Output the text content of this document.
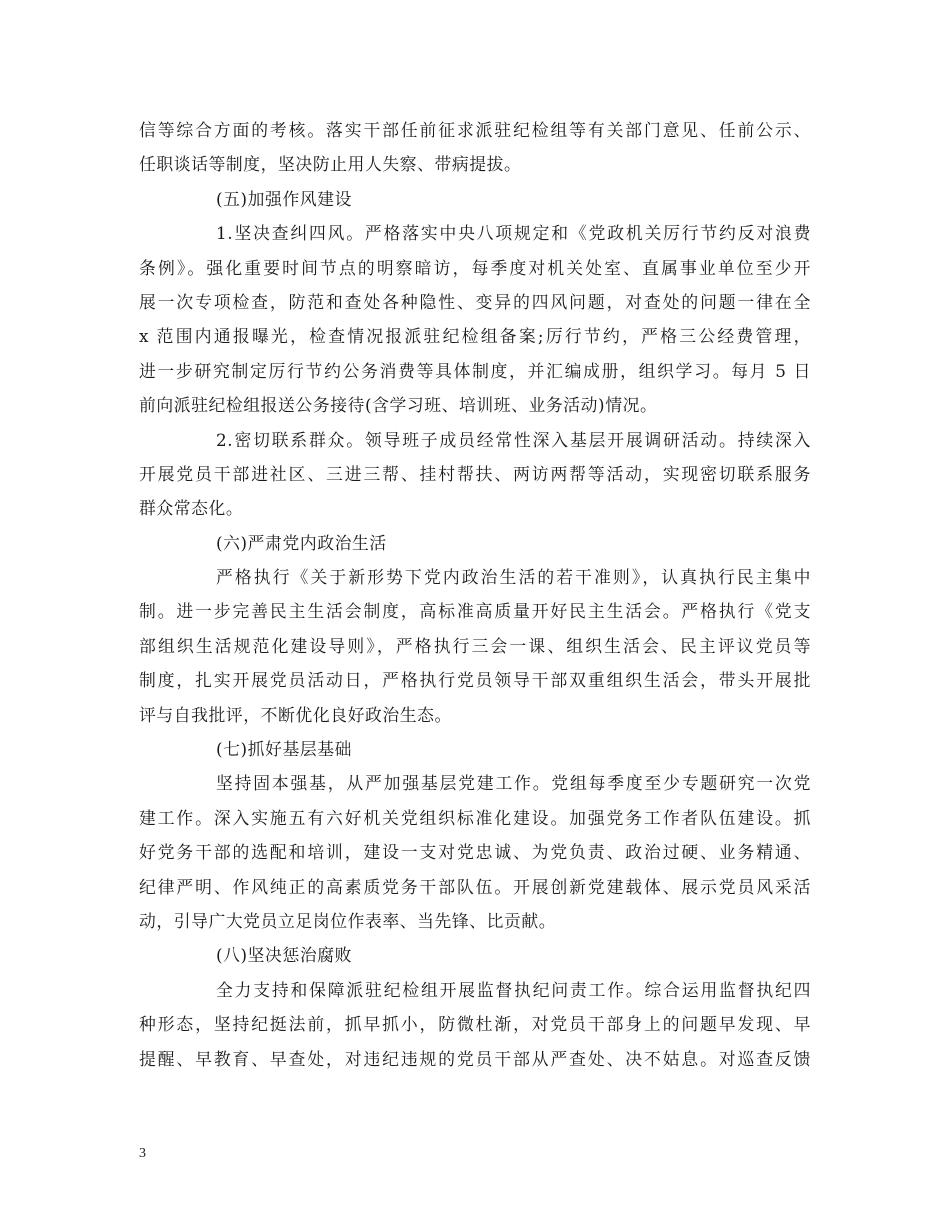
信等综合方面的考核。落实干部任前征求派驻纪检组等有关部门意见、任前公示、
任职谈话等制度，坚决防止用人失察、带病提拔。
(五)加强作风建设
1.坚决查纠四风。严格落实中央八项规定和《党政机关厉行节约反对浪费
条例》。强化重要时间节点的明察暗访，每季度对机关处室、直属事业单位至少开
展一次专项检查，防范和查处各种隐性、变异的四风问题，对查处的问题一律在全
x 范围内通报曝光，检查情况报派驻纪检组备案;厉行节约，严格三公经费管理，
进一步研究制定厉行节约公务消费等具体制度，并汇编成册，组织学习。每月 5 日
前向派驻纪检组报送公务接待(含学习班、培训班、业务活动)情况。
2.密切联系群众。领导班子成员经常性深入基层开展调研活动。持续深入
开展党员干部进社区、三进三帮、挂村帮扶、两访两帮等活动，实现密切联系服务
群众常态化。
(六)严肃党内政治生活
严格执行《关于新形势下党内政治生活的若干准则》，认真执行民主集中
制。进一步完善民主生活会制度，高标准高质量开好民主生活会。严格执行《党支
部组织生活规范化建设导则》，严格执行三会一课、组织生活会、民主评议党员等
制度，扎实开展党员活动日，严格执行党员领导干部双重组织生活会，带头开展批
评与自我批评，不断优化良好政治生态。
(七)抓好基层基础
坚持固本强基，从严加强基层党建工作。党组每季度至少专题研究一次党
建工作。深入实施五有六好机关党组织标准化建设。加强党务工作者队伍建设。抓
好党务干部的选配和培训，建设一支对党忠诚、为党负责、政治过硬、业务精通、
纪律严明、作风纯正的高素质党务干部队伍。开展创新党建载体、展示党员风采活
动，引导广大党员立足岗位作表率、当先锋、比贡献。
(八)坚决惩治腐败
全力支持和保障派驻纪检组开展监督执纪问责工作。综合运用监督执纪四
种形态，坚持纪挺法前，抓早抓小，防微杜渐，对党员干部身上的问题早发现、早
提醒、早教育、早查处，对违纪违规的党员干部从严查处、决不姑息。对巡查反馈
3
